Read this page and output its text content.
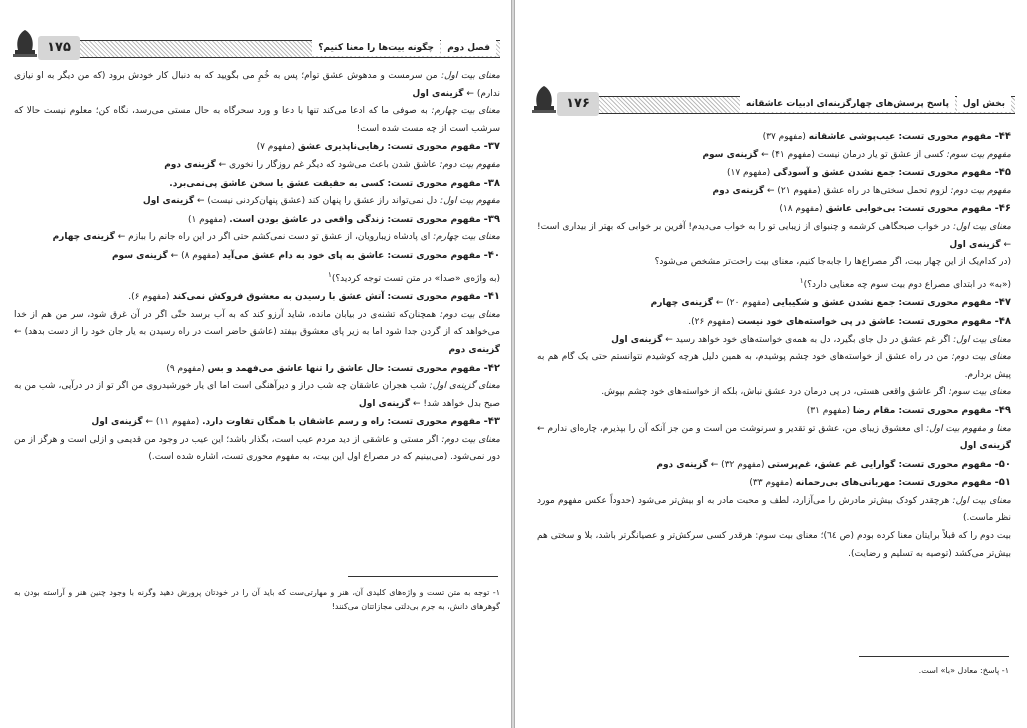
فصل دوم
چگونه بیت‌ها را معنا کنیم؟
۱۷۵

معنای بیت اول: من سرمست و مدهوش عشق توام؛ پس به خُمِ می بگویید که به دنبال کار خودش برود (که من دیگر به او نیازی ندارم) ← گزینه‌ی اول

معنای بیت چهارم: به صوفی ما که ادعا می‌کند تنها با دعا و ورد سحرگاه به حال مستی می‌رسد، نگاه کن؛ معلوم نیست حالا که سرشب است از چه مست شده است!

۳۷- مفهوم محوری تست: رهایی‌ناپذیری عشق (مفهوم ۷)

مفهوم بیت دوم: عاشق شدن باعث می‌شود که دیگر غم روزگار را نخوری ← گزینه‌ی دوم

۳۸- مفهوم محوری تست: کسی به حقیقت عشق یا سخن عاشق پی‌نمی‌برد.

مفهوم بیت اول: دل نمی‌تواند راز عشق را پنهان کند (عشق پنهان‌کردنی نیست) ← گزینه‌ی اول

۳۹- مفهوم محوری تست: زندگی واقعی در عاشق بودن است. (مفهوم ۱)

معنای بیت چهارم: ای پادشاه زیبارویان، از عشق تو دست نمی‌کشم حتی اگر در این راه جانم را ببازم ← گزینه‌ی چهارم

۴۰- مفهوم محوری تست: عاشق به پای خود به دام عشق می‌آید (مفهوم ۸) ← گزینه‌ی سوم

(به واژه‌ی «صدا» در متن تست توجه کردید؟)$^۱$

۴۱- مفهوم محوری تست: آتش عشق با رسیدن به معشوق فروکش نمی‌کند (مفهوم ۶).

معنای بیت دوم: همچنان‌که تشنه‌ی در بیابان مانده، شاید آرزو کند که به آب برسد حتّی اگر در آن غرق شود، سر من هم از خدا می‌خواهد که از گردن جدا شود اما به زیر پای معشوق بیفتد (عاشق حاضر است در راه رسیدن به یار جان خود را از دست بدهد) ← گزینه‌ی دوم

۴۲- مفهوم محوری تست: حال عاشق را تنها عاشق می‌فهمد و بس (مفهوم ۹)

معنای گزینه‌ی اول: شب هجران عاشقان چه شب دراز و دیرآهنگی است اما ای یار خورشیدروی من اگر تو از در درآیی، شب من به صبح بدل خواهد شد! ← گزینه‌ی اول

۴۳- مفهوم محوری تست: راه و رسم عاشقان با همگان تفاوت دارد. (مفهوم ۱۱) ← گزینه‌ی اول

معنای بیت دوم: اگر مستی و عاشقی از دید مردم عیب است، بگذار باشد؛ این عیب در وجود من قدیمی و ازلی است و هرگز از من دور نمی‌شود. (می‌بینیم که در مصراع اول این بیت، به مفهوم محوری تست، اشاره شده است.)

۱- توجه به متن تست و واژه‌های کلیدی آن، هنر و مهارتی‌ست که باید آن را در خودتان پرورش دهید وگرنه با وجود چنین هنر و آراسته بودن به گوهرهای دانش، به جرم بی‌دلتی مجازاتتان می‌کنند!
بخش اول
پاسخ پرسش‌های چهارگزینه‌ای ادبیات عاشقانه
۱۷۶

۴۴- مفهوم محوری تست: عیب‌پوشی عاشقانه (مفهوم ۳۷)

مفهوم بیت سوم: کسی از عشق تو یار درمان نیست (مفهوم ۴۱) ← گزینه‌ی سوم

۴۵- مفهوم محوری تست: جمع نشدن عشق و آسودگی (مفهوم ۱۷)

مفهوم بیت دوم: لزوم تحمل سختی‌ها در راه عشق (مفهوم ۲۱) ← گزینه‌ی دوم

۴۶- مفهوم محوری تست: بی‌خوابی عاشق (مفهوم ۱۸)

معنای بیت اول: در خواب صبحگاهی کرشمه و چنبوای از زیبایی تو را به خواب می‌دیدم! آفرین بر خوابی که بهتر از بیداری است! ← گزینه‌ی اول

(در کدام‌یک از این چهار بیت، اگر مصراع‌ها را جابه‌جا کنیم، معنای بیت راحت‌تر مشخص می‌شود؟

(«به» در ابتدای مصراع دوم بیت سوم چه معنایی دارد؟)$^۱$

۴۷- مفهوم محوری تست: جمع نشدن عشق و شکیبایی (مفهوم ۲۰) ← گزینه‌ی چهارم

۴۸- مفهوم محوری تست: عاشق در پی خواسته‌های خود نیست (مفهوم ۲۶).

معنای بیت اول: اگر غم عشق در دل جای بگیرد، دل به همه‌ی خواسته‌های خود خواهد رسید ← گزینه‌ی اول

معنای بیت دوم: من در راه عشق از خواسته‌های خود چشم پوشیدم، به همین دلیل هرچه کوشیدم نتوانستم حتی یک گام هم به پیش بردارم.

معنای بیت سوم: اگر عاشق واقعی هستی، در پی درمان درد عشق نباش، بلکه از خواسته‌های خود چشم بپوش.

۴۹- مفهوم محوری تست: مقام رضا (مفهوم ۳۱)

معنا و مفهوم بیت اول: ای معشوق زیبای من، عشق تو تقدیر و سرنوشت من است و من جز آنکه آن را بپذیرم، چاره‌ای ندارم ← گزینه‌ی اول

۵۰- مفهوم محوری تست: گوارایی غم عشق، غم‌پرستی (مفهوم ۳۲) ← گزینه‌ی دوم

۵۱- مفهوم محوری تست: مهربانی‌های بی‌رحمانه (مفهوم ۳۳)

معنای بیت اول: هرچقدر کودک بیش‌تر مادرش را می‌آزارد، لطف و محبت مادر به او بیش‌تر می‌شود (حدوداً عکس مفهوم مورد نظر ماست.)

بیت دوم را که قبلاً برایتان معنا کرده بودم (ص ٦٤)؛ معنای بیت سوم: هرقدر کسی سرکش‌تر و عصیانگرتر باشد، بلا و سختی هم بیش‌تر می‌کشد (توصیه به تسلیم و رضایت).

۱- پاسخ: معادل «با» است.
